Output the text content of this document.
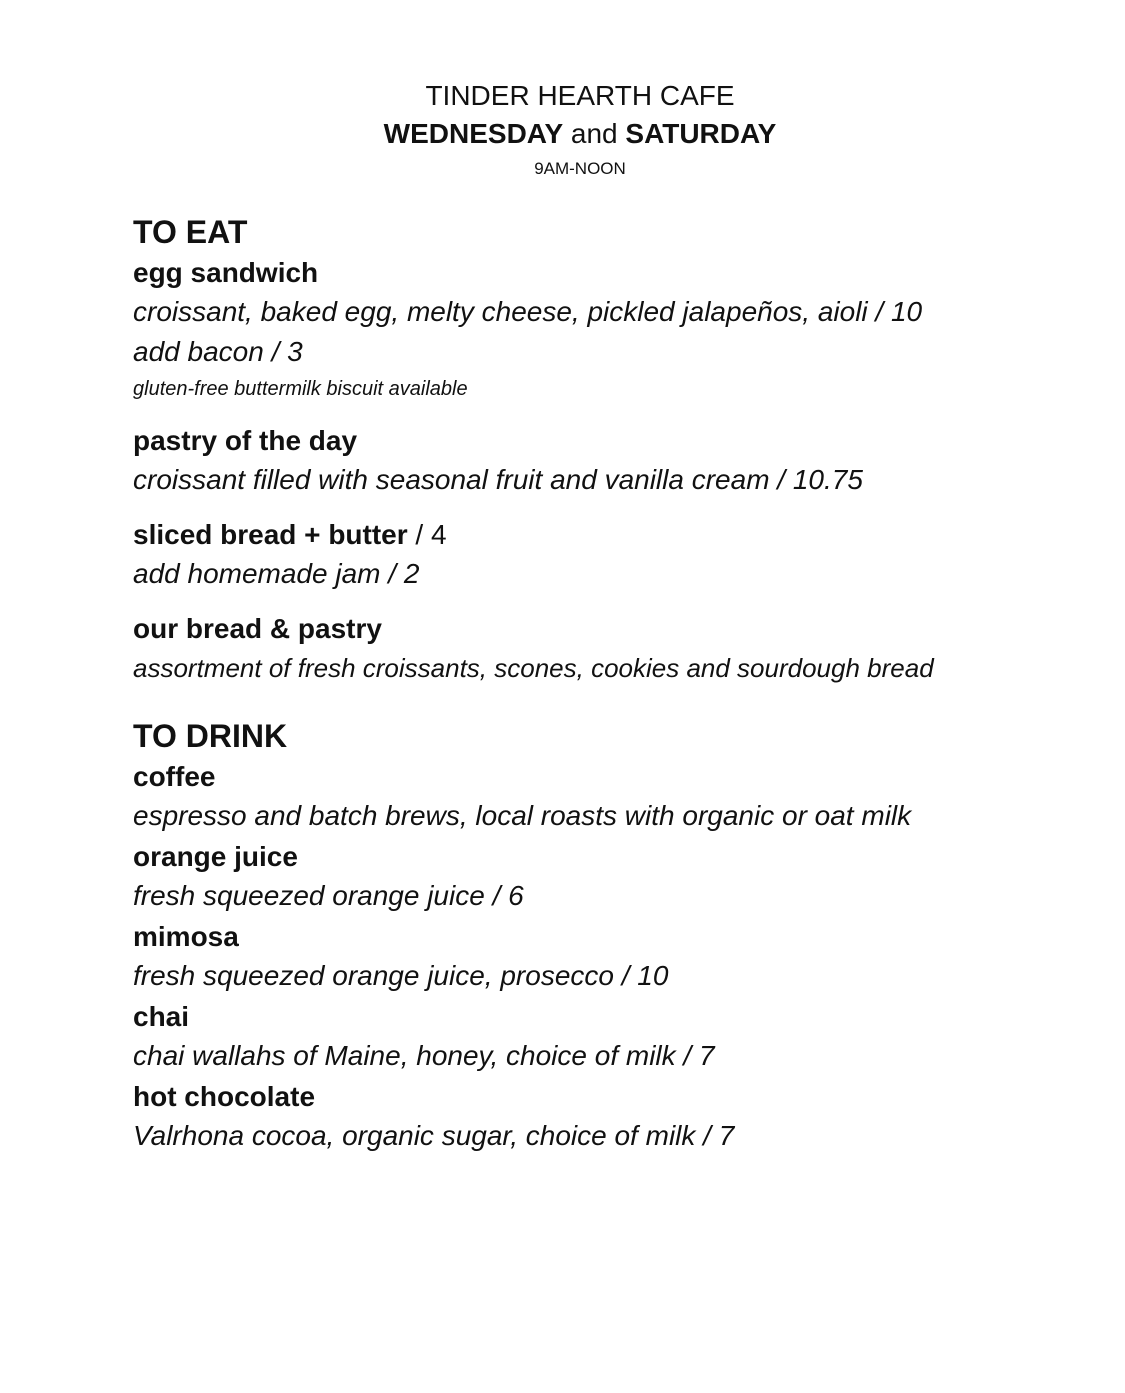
TINDER HEARTH CAFE
WEDNESDAY and SATURDAY
9AM-NOON
TO EAT

egg sandwich

croissant, baked egg, melty cheese, pickled jalapeños, aioli / 10

add bacon / 3

gluten-free buttermilk biscuit available

pastry of the day

croissant filled with seasonal fruit and vanilla cream / 10.75

sliced bread + butter / 4

add homemade jam / 2

our bread & pastry

assortment of fresh croissants, scones, cookies and sourdough bread

TO DRINK

coffee

espresso and batch brews, local roasts with organic or oat milk

orange juice

fresh squeezed orange juice / 6

mimosa

fresh squeezed orange juice, prosecco / 10

chai

chai wallahs of Maine, honey, choice of milk / 7

hot chocolate

Valrhona cocoa, organic sugar, choice of milk / 7
